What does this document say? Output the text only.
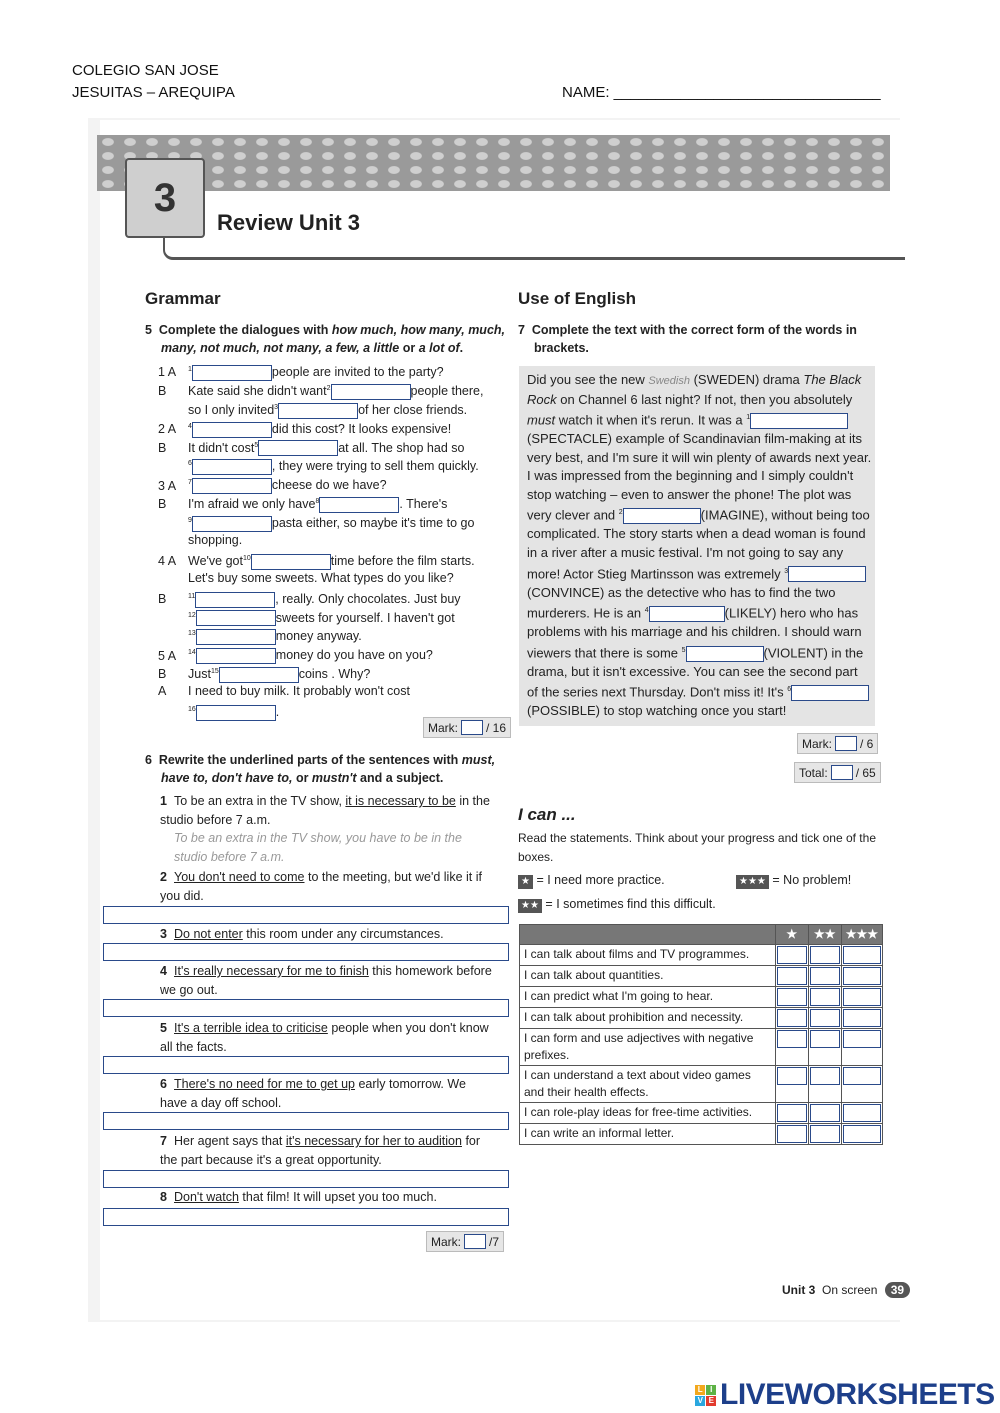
COLEGIO SAN JOSE
JESUITAS – AREQUIPA	NAME: ________________________________
3
Review Unit 3
Grammar
5 Complete the dialogues with how much, how many, much,
many, not much, not many, a few, a little or a lot of.
1 A $^1$	people are invited to the party?
B Kate said she didn't want$^2$	people there,
so I only invited$^3$	of her close friends.
2 A $^4$	did this cost? It looks expensive!
B It didn't cost$^5$	at all. The shop had so
$^6$	, they were trying to sell them quickly.
3 A $^7$	cheese do we have?
B I'm afraid we only have$^8$	. There's
$^9$	pasta either, so maybe it's time to go
shopping.
4 A We've got$^{10}$	time before the film starts.
Let's buy some sweets. What types do you like?
B	$^{11}$	, really. Only chocolates. Just buy
$^{12}$	sweets for yourself. I haven't got
$^{13}$	money anyway.
5 A $^{14}$	money do you have on you?
B Just$^{15}$	coins . Why?
A I need to buy milk. It probably won't cost
$^{16}$	.
Mark: / 16
6 Rewrite the underlined parts of the sentences with must,
have to, don't have to, or mustn't and a subject.
1 To be an extra in the TV show, it is necessary to be in the studio before 7 a.m.
To be an extra in the TV show, you have to be in the studio before 7 a.m.
2 You don't need to come to the meeting, but we'd like it if you did.
3 Do not enter this room under any circumstances.
4 It's really necessary for me to finish this homework before we go out.
5 It's a terrible idea to criticise people when you don't know all the facts.
6 There's no need for me to get up early tomorrow. We have a day off school.
7 Her agent says that it's necessary for her to audition for the part because it's a great opportunity.
8 Don't watch that film! It will upset you too much.
Mark: /7
Use of English
7  Complete the text with the correct form of the words in
brackets.
Did you see the new Swedish (SWEDEN) drama The Black Rock on Channel 6 last night? If not, then you absolutely must watch it when it's rerun. It was a $^1$ (SPECTACLE) example of Scandinavian film-making at its very best, and I'm sure it will win plenty of awards next year. I was impressed from the beginning and I simply couldn't stop watching – even to answer the phone! The plot was very clever and $^2$	(IMAGINE), without being too complicated. The story starts when a dead woman is found in a river after a music festival. I'm not going to say any more! Actor Stieg Martinsson was extremely $^3$(CONVINCE) as the detective who has to find the two murderers. He is an $^4$	(LIKELY) hero who has problems with his marriage and his children. I should warn viewers that there is some $^5$	(VIOLENT) in the drama, but it isn't excessive. You can see the second part of the series next Thursday. Don't miss it! It's $^6$ (POSSIBLE) to stop watching once you start!
Mark: / 6
Total: / 65
I can ...
Read the statements. Think about your progress and tick one of the boxes.
★ = I need more practice.	★★★ = No problem!
★★ = I sometimes find this difficult.
	★	★★	★★★
I can talk about films and TV programmes.	

I can talk about quantities.	

I can predict what I'm going to hear.	

I can talk about prohibition and necessity.	

I can form and use adjectives with negative prefixes.	

I can understand a text about video games and their health effects.	

I can role-play ideas for free-time activities.	

I can write an informal letter.	

Unit 3 On screen 39
L I
V E LIVEWORKSHEETS
